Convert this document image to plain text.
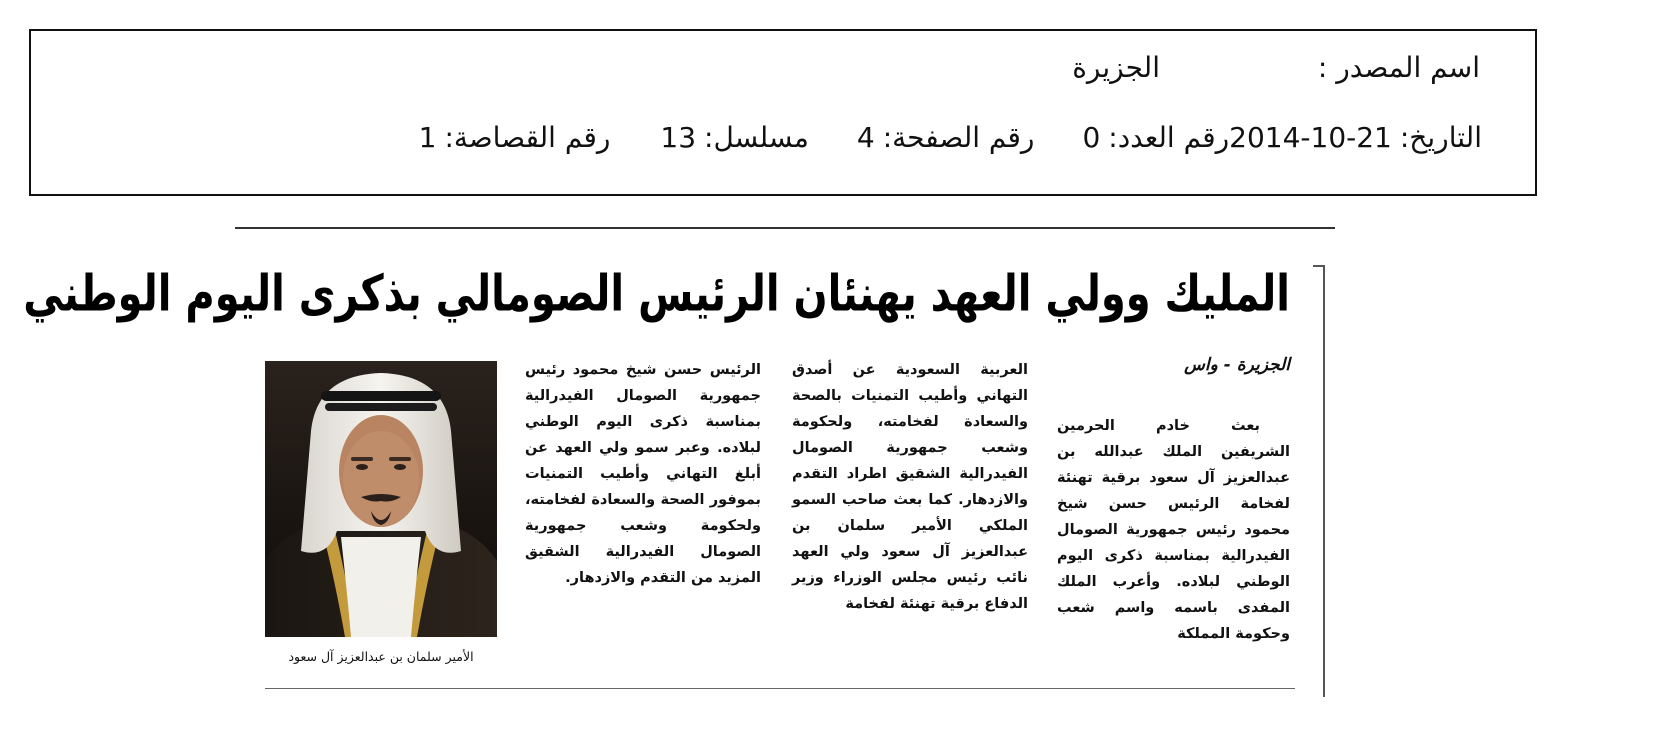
اسم المصدر :
الجزيرة
التاريخ:
2014-10-21
رقم العدد:
0
رقم الصفحة:
4
مسلسل:
13
رقم القصاصة:
1
المليك وولي العهد يهنئان الرئيس الصومالي بذكرى اليوم الوطني
الجزيرة - واس
بعث خادم الحرمين الشريفين الملك عبدالله بن عبدالعزيز آل سعود برقية تهنئة لفخامة الرئيس حسن شيخ محمود رئيس جمهورية الصومال الفيدرالية بمناسبة ذكرى اليوم الوطني لبلاده. وأعرب الملك المفدى باسمه واسم شعب وحكومة المملكة
العربية السعودية عن أصدق التهاني وأطيب التمنيات بالصحة والسعادة لفخامته، ولحكومة وشعب جمهورية الصومال الفيدرالية الشقيق اطراد التقدم والازدهار. كما بعث صاحب السمو الملكي الأمير سلمان بن عبدالعزيز آل سعود ولي العهد نائب رئيس مجلس الوزراء وزير الدفاع برقية تهنئة لفخامة
الرئيس حسن شيخ محمود رئيس جمهورية الصومال الفيدرالية بمناسبة ذكرى اليوم الوطني لبلاده. وعبر سمو ولي العهد عن أبلغ التهاني وأطيب التمنيات بموفور الصحة والسعادة لفخامته، ولحكومة وشعب جمهورية الصومال الفيدرالية الشقيق المزيد من التقدم والازدهار.
الأمير سلمان بن عبدالعزيز آل سعود
